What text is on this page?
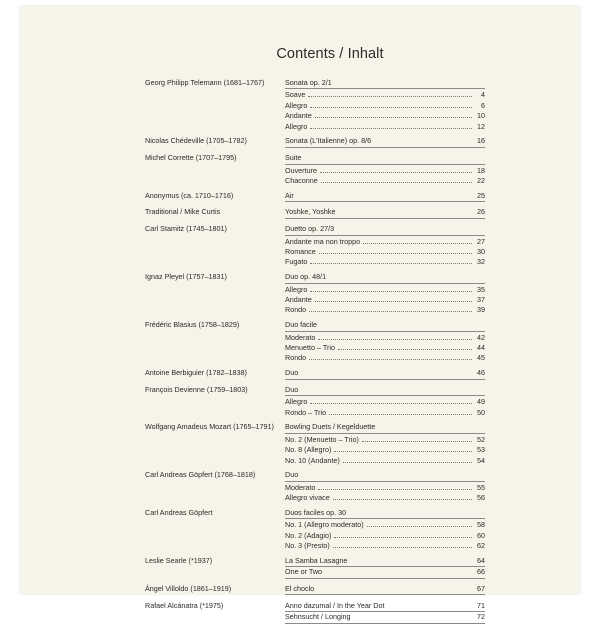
Contents / Inhalt
Georg Philipp Telemann (1681–1767)	Sonata op. 2/1
Soave	4
Allegro	6
Andante	10
Allegro	12
Nicolas Chédeville (1705–1782)	Sonata (L'Italienne) op. 8/6	16
Michel Corrette (1707–1795)	Suite
Ouverture	18
Chaconne	22
Anonymus (ca. 1710–1716)	Air	25
Traditional / Mike Curtis	Yoshke, Yoshke	26
Carl Stamitz (1745–1801)	Duetto op. 27/3
Andante ma non troppo	27
Romance	30
Fugato	32
Ignaz Pleyel (1757–1831)	Duo op. 48/1
Allegro	35
Andante	37
Rondo	39
Frédéric Blasius (1758–1829)	Duo facile
Moderato	42
Menuetto – Trio	44
Rondo	45
Antoine Berbiguier (1782–1838)	Duo	46
François Devienne (1759–1803)	Duo
Allegro	49
Rondo – Trio	50
Wolfgang Amadeus Mozart (1765–1791) Bowling Duets / Kegelduette
No. 2 (Menuetto – Trio)	52
No. 8 (Allegro)	53
No. 10 (Andante)	54
Carl Andreas Göpfert (1768–1818)	Duo
Moderato	55
Allegro vivace	56
Carl Andreas Göpfert	Duos faciles op. 30
No. 1 (Allegro moderato)	58
No. 2 (Adagio)	60
No. 3 (Presto)	62
Leslie Searle (*1937)	La Samba Lasagne	64
One or Two	66
Ángel Villoldo (1861–1919)	El choclo	67
Rafael Alcánatra (*1975)	Anno dazumal / In the Year Dot	71
Sehnsucht / Longing	72
